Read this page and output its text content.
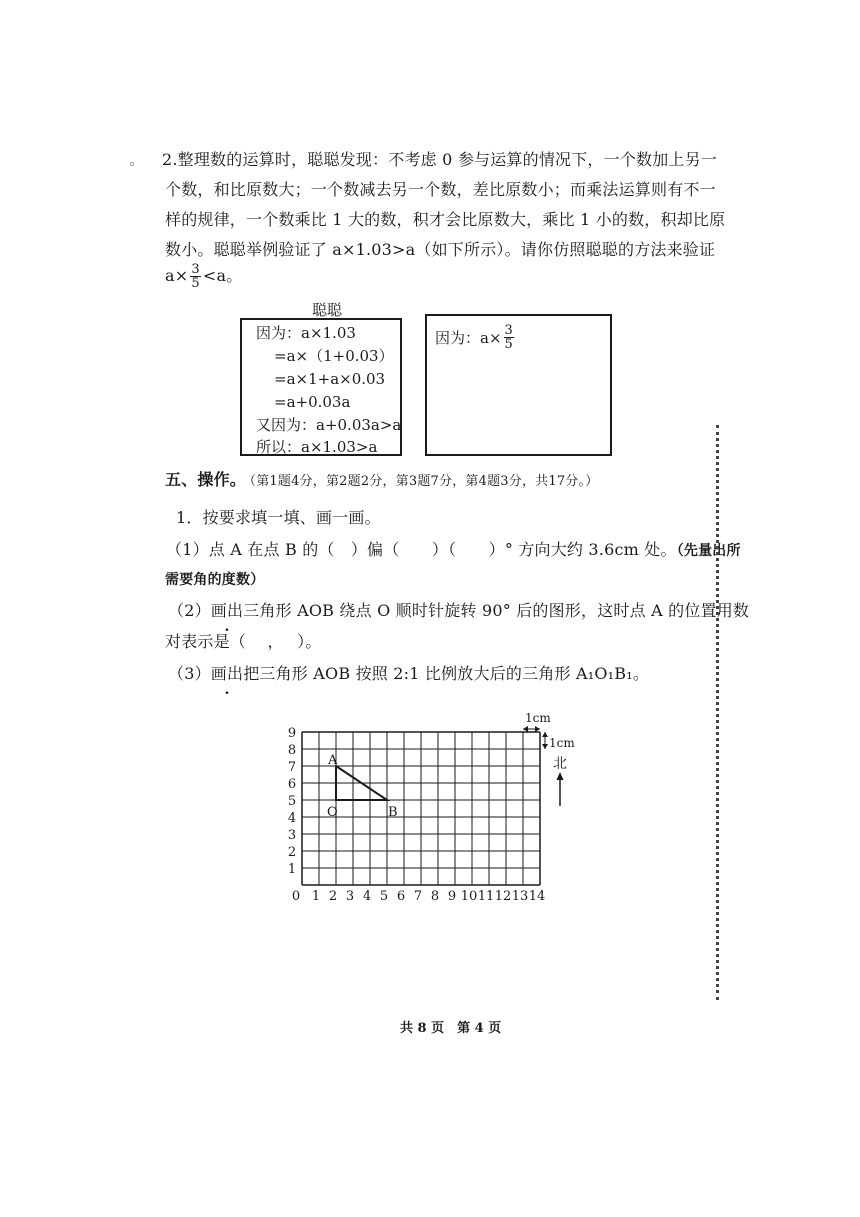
◦ 2.整理数的运算时，聪聪发现：不考虑 0 参与运算的情况下，一个数加上另一
个数，和比原数大；一个数减去另一个数，差比原数小；而乘法运算则有不一
样的规律，一个数乘比 1 大的数，积才会比原数大，乘比 1 小的数，积却比原
数小。聪聪举例验证了 a×1.03>a（如下所示）。请你仿照聪聪的方法来验证
$a\times \frac{3}{5} <a$。
聪聪
因为：a×1.03
=a×（1+0.03）
=a×1+a×0.03
=a+0.03a
又因为：a+0.03a>a
所以：a×1.03>a
因为：$a\times \frac{3}{5}$
五、操作。
（第1题4分，第2题2分，第3题7分，第4题3分，共17分。）
1．按要求填一填、画一画。
（1）点 A 在点 B 的（　）偏（　　）（　　）° 方向大约 3.6cm 处。（先量出所
需要角的度数）
（2）画出三角形 AOB 绕点 O 顺时针旋转 90° 后的图形，这时点 A 的位置用数
对表示是（　 ，　 ）。
（3）画出把三角形 AOB 按照 2:1 比例放大后的三角形 A₁O₁B₁。
0 1 2 3 4 5 6 7 8 9 10 11 12 13 14
1
2
3
4
5
6
7
8
9
A
O	B
1cm
1cm
北
共 8 页　第 4 页
